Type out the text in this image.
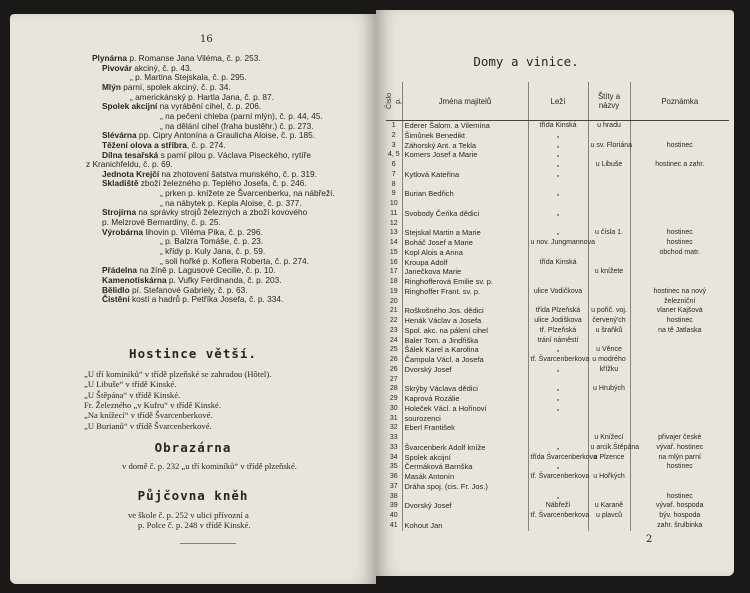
16
Plynárna p. Romanse Jana Viléma, č. p. 253.
Pivovár akciný, č. p. 43.
„ p. Martina Stejskala, č. p. 295.
Mlýn parní, spolek akciný, č. p. 34.
„ americkánský p. Hartla Jana, č. p. 87.
Spolek akcijní na vyrábění cihel, č. p. 206.
„ na pečení chleba (parní mlýn), č. p. 44, 45.
„ na dělání cihel (fraha bustěhr.) č. p. 273.
Slévárna pp. Cipry Antonína a Graulicha Aloise, č. p. 185.
Těžení olova a stříbra, č. p. 274.
Dílna tesařská s parní pilou p. Václava Piseckého, rytíře
z Kranichfeldu, č. p. 69.
Jednota Krejčí na zhotovení šatstva munského, č. p. 319.
Skladiště zboží železného p. Teplého Josefa, č. p. 246.
„ prken p. knížete ze Švarcenberku, na nábřeží.
„ na nábytek p. Kepla Aloise, č. p. 377.
Strojírna na správky strojů železných a zboží kovového
p. Melzrové Bernardiny, č. p. 25.
Výrobárna lihovin p. Viléma Pika, č. p. 296.
„ p. Balzra Tomáše, č. p. 23.
„ křídy p. Kuly Jana, č. p. 59.
„ soli hořké p. Koflera Roberta, č. p. 274.
Přádelna na žíně p. Lagusové Cecilie, č. p. 10.
Kamenotiskárna p. Vufky Ferdinanda, č. p. 203.
Bělidlo pí. Stefanové Gabriely, č. p. 63.
Čistění kostí a hadrů p. Petříka Josefa, č. p. 334.
Hostince větší.
„U tří kominíků“ v třídě plzeňské se zahradou (Hôtel).
„U Libuše“ v třídě Kinské.
„U Štěpána“ v třídě Kinské.
Fr. Železného „v Kufru“ v třídě Kinské.
„Na knížecí“ v třídě Švarcenberkové.
„U Burianů“ v třídě Švarcenberkové.
Obrazárna
v domě č. p. 232 „u tří kominíků“ v třídě plzeňské.
Půjčovna kněh
ve škole č. p. 252 v ulici přívozní a
p. Polce č. p. 248 v třídě Kinské.
Domy a vinice.
Číslo p.	Jména majitelů	Leží	Štíty a názvy	Poznámka
1	Ederer Šalom. a Vilemína	třída Kinská	u hradu	
2	Šimůnek Benedikt	„		
3	Záhorský Ant. a Tekla	„	u sv. Floriána	hostinec
4, 5	Komers Josef a Marie	„		
6		„	u Libuše	hostinec a zahr.
7	Kytlová Kateřina	„		
8				
9	Burian Bedřich	„		
10				
11	Svobody Čeňka dědici	„		
12				
13	Stejskal Martin a Marie	„	u čísla 1.	hostinec
14	Boháč Josef a Marie	u nov. Jungmannova		hostinec
15	Kopl Alois a Anna			obchod matr.
16	Kroupa Adolf	třída Kinská		
17	Janečkova Marie		u knížete	
18	Ringhofferová Emilie sv. p.			
19	Ringhoffer Frant. sv. p.	ulice Vodičkova		hostinec na nový
20				železniční
21	Roškošného Jos. dědici	třída Plzeňská	u pořič. voj.	vlaner Kajšová
22	Henák Václav a Josefa	ulice Jodiškova	červený'ch	hostinec
23	Spol. akc. na pálení cihel	tř. Plzeňská	u šraňků	na tě Jatlaska
24	Baler Tom. a Jindřiška	trání náměstí		
25	Šálek Karel a Karolina	„	u Věnce	
26	Čampula Václ. a Josefa	tř. Švarcenberkova	u modrého	
26	Dvorský Josef	„	křížku	
27				
28	Skrýby Václava dědici	„	u Hrubých	
29	Kaprová Rozálie	„		
30	Holeček Václ. a Hořinoví	„		
31	sourozenci			
32	Eberl František			
33			u Knížecí	přivajer české
33	Švarcenberk Adolf kníže	„	u arcik.Štěpána	vývař. hostinec
34	Spolek akcijní	třída Švarcenberkova	u Plzence	na mlýn parní
35	Čermáková Barnška	„		hostinec
36	Masák Antonín	tř. Švarcenberkova	u Hořkých	
37	Dráha spoj. (cis. Fr. Jos.)			
38		„		hostinec
39	Dvorský Josef	Nábřeží	u Karaně	vývař. hospoda
40		tř. Švarcenberkova	u plavců	býv. hospoda
41	Kohout Jan			zahr. šrulbinka
2
